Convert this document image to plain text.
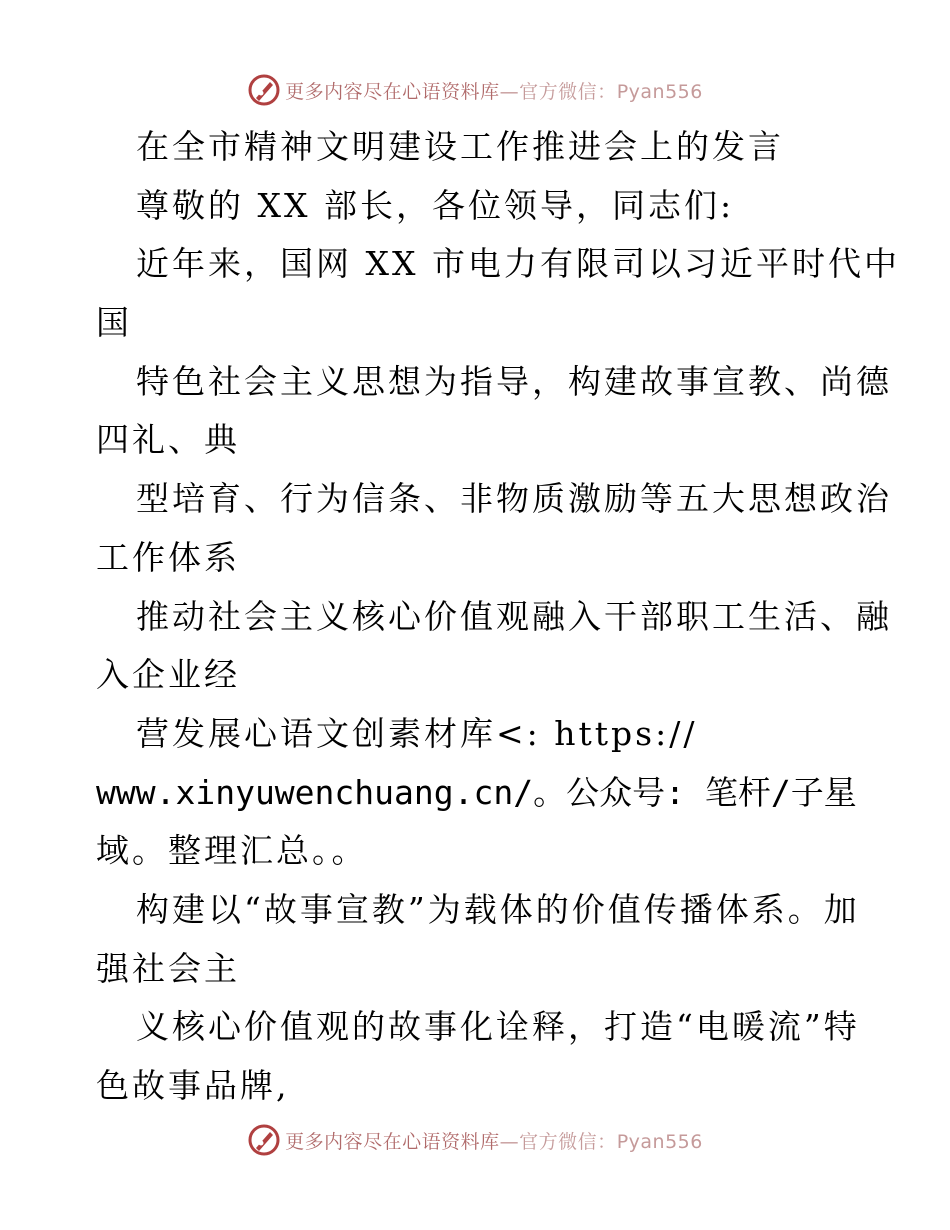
更多内容尽在心语资料库—官方微信：Pyan556
在全市精神文明建设工作推进会上的发言
尊敬的 XX 部长，各位领导，同志们:
近年来，国网 XX 市电力有限司以习近平时代中
国
特色社会主义思想为指导，构建故事宣教、尚德
四礼、典
型培育、行为信条、非物质激励等五大思想政治
工作体系
推动社会主义核心价值观融入干部职工生活、融
入企业经
营发展心语文创素材库<: https://
www.xinyuwenchuang.cn/。公众号: 笔杆/子星
域。整理汇总。。
构建以“故事宣教”为载体的价值传播体系。加
强社会主
义核心价值观的故事化诠释，打造“电暖流”特
色故事品牌,
更多内容尽在心语资料库—官方微信：Pyan556
